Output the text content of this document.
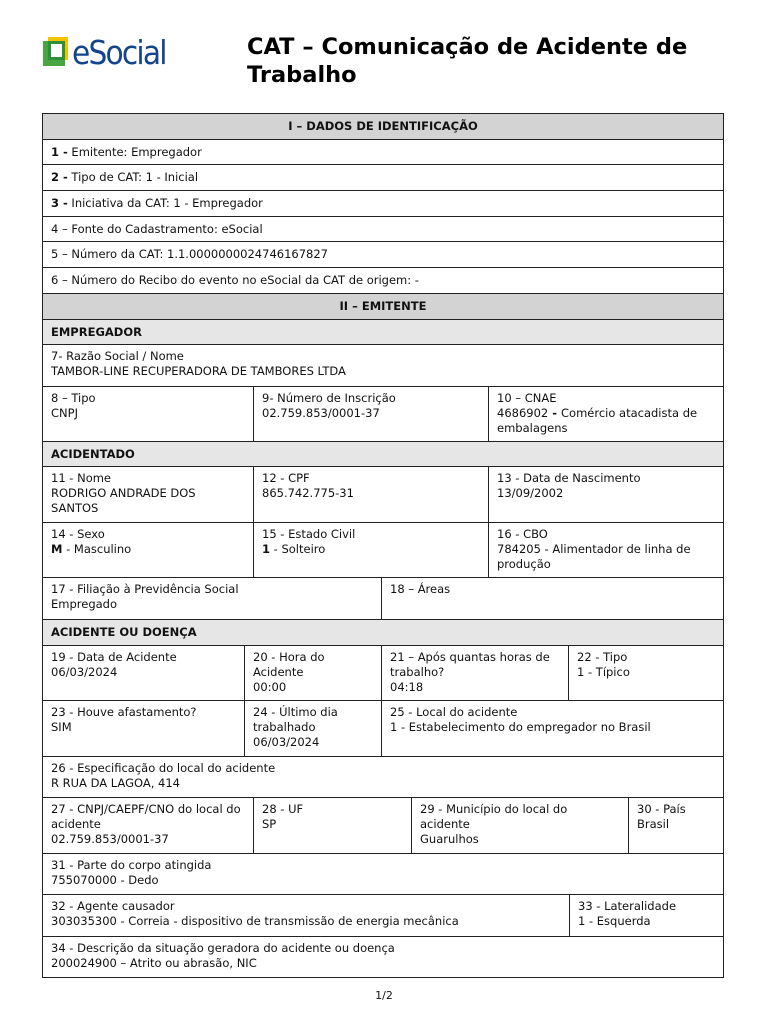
eSocial	CAT – Comunicação de Acidente de Trabalho
I – DADOS DE IDENTIFICAÇÃO
1 - Emitente: Empregador
2 - Tipo de CAT: 1 - Inicial
3 - Iniciativa da CAT: 1 - Empregador
4 – Fonte do Cadastramento: eSocial
5 – Número da CAT: 1.1.0000000024746167827
6 – Número do Recibo do evento no eSocial da CAT de origem: -
II – EMITENTE
EMPREGADOR
7- Razão Social / Nome
TAMBOR-LINE RECUPERADORA DE TAMBORES LTDA
8 – Tipo
CNPJ
9- Número de Inscrição
02.759.853/0001-37
10 – CNAE
4686902 - Comércio atacadista de embalagens
ACIDENTADO
11 - Nome
RODRIGO ANDRADE DOS SANTOS
12 - CPF
865.742.775-31
13 - Data de Nascimento
13/09/2002
14 - Sexo
M - Masculino
15 - Estado Civil
1 - Solteiro
16 - CBO
784205 - Alimentador de linha de produção
17 - Filiação à Previdência Social
Empregado
18 – Áreas
ACIDENTE OU DOENÇA
19 - Data de Acidente
06/03/2024
20 - Hora do Acidente
00:00
21 – Após quantas horas de trabalho?
04:18
22 - Tipo
1 - Típico
23 - Houve afastamento?
SIM
24 - Último dia trabalhado
06/03/2024
25 - Local do acidente
1 - Estabelecimento do empregador no Brasil
26 - Especificação do local do acidente
R RUA DA LAGOA, 414
27 - CNPJ/CAEPF/CNO do local do acidente
02.759.853/0001-37
28 - UF
SP
29 - Município do local do acidente
Guarulhos
30 - País
Brasil
31 - Parte do corpo atingida
755070000 - Dedo
32 - Agente causador
303035300 - Correia - dispositivo de transmissão de energia mecânica
33 - Lateralidade
1 - Esquerda
34 - Descrição da situação geradora do acidente ou doença
200024900 – Atrito ou abrasão, NIC
1/2
